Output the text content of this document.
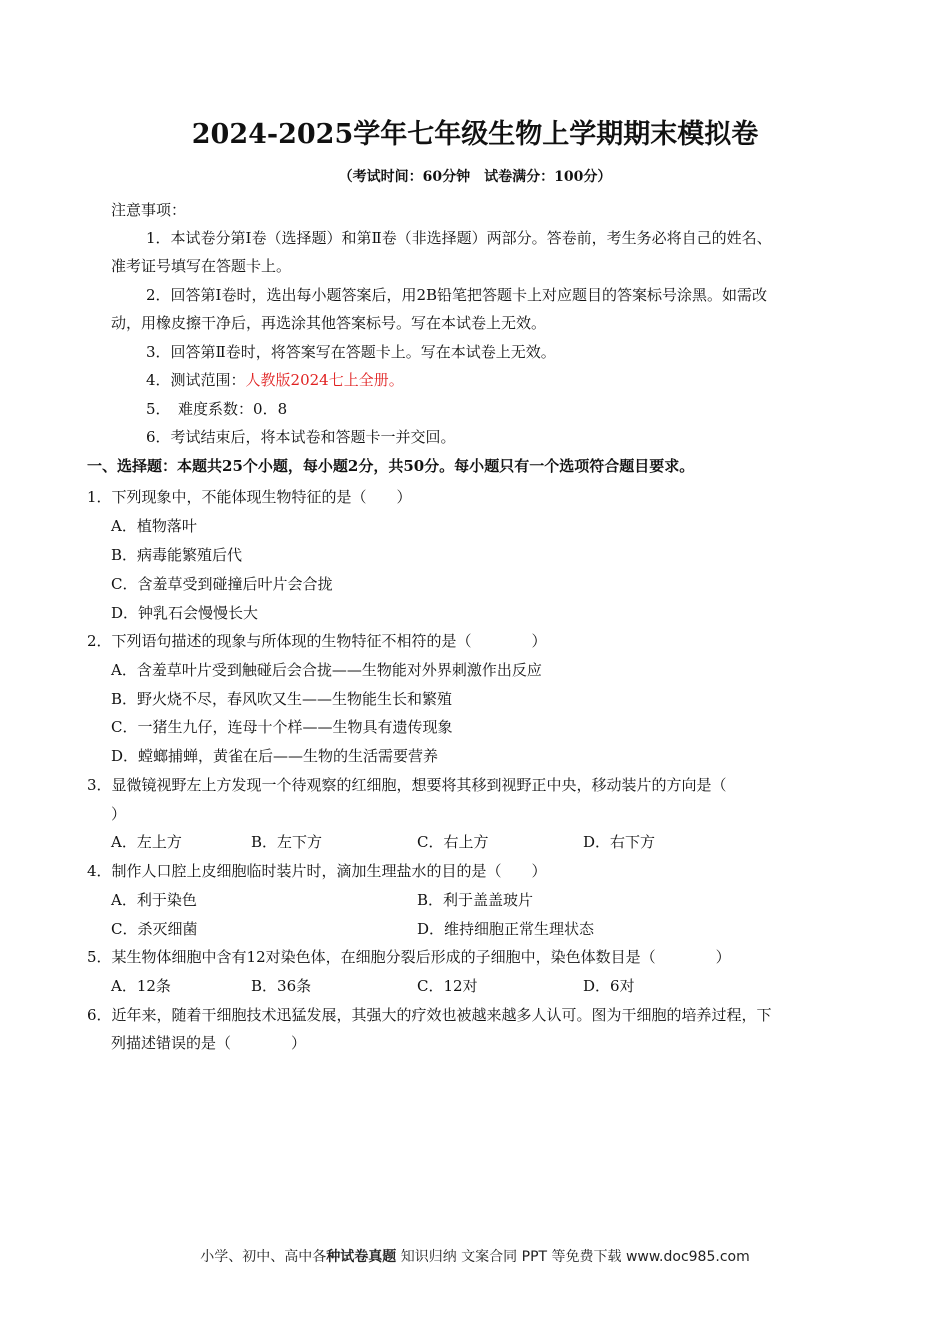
2024-2025学年七年级生物上学期期末模拟卷
（考试时间：60分钟　试卷满分：100分）
注意事项：
1．本试卷分第Ⅰ卷（选择题）和第Ⅱ卷（非选择题）两部分。答卷前，考生务必将自己的姓名、
准考证号填写在答题卡上。
2．回答第Ⅰ卷时，选出每小题答案后，用2B铅笔把答题卡上对应题目的答案标号涂黑。如需改
动，用橡皮擦干净后，再选涂其他答案标号。写在本试卷上无效。
3．回答第Ⅱ卷时，将答案写在答题卡上。写在本试卷上无效。
4．测试范围：人教版2024七上全册。
5．　难度系数：0．8
6．考试结束后，将本试卷和答题卡一并交回。
一、选择题：本题共25个小题，每小题2分，共50分。每小题只有一个选项符合题目要求。
1．下列现象中，不能体现生物特征的是（　　）
A．植物落叶
B．病毒能繁殖后代
C．含羞草受到碰撞后叶片会合拢
D．钟乳石会慢慢长大
2．下列语句描述的现象与所体现的生物特征不相符的是（　　　　）
A．含羞草叶片受到触碰后会合拢——生物能对外界刺激作出反应
B．野火烧不尽，春风吹又生——生物能生长和繁殖
C．一猪生九仔，连母十个样——生物具有遗传现象
D．螳螂捕蝉，黄雀在后——生物的生活需要营养
3．显微镜视野左上方发现一个待观察的红细胞，想要将其移到视野正中央，移动装片的方向是（
）
A．左上方	B．左下方	C．右上方	D．右下方
4．制作人口腔上皮细胞临时装片时，滴加生理盐水的目的是（　　）
A．利于染色	B．利于盖盖玻片
C．杀灭细菌	D．维持细胞正常生理状态
5．某生物体细胞中含有12对染色体，在细胞分裂后形成的子细胞中，染色体数目是（　　　　）
A．12条	B．36条	C．12对	D．6对
6．近年来，随着干细胞技术迅猛发展，其强大的疗效也被越来越多人认可。图为干细胞的培养过程，下
列描述错误的是（　　　　）
小学、初中、高中各种试卷真题 知识归纳 文案合同 PPT 等免费下载 www.doc985.com
